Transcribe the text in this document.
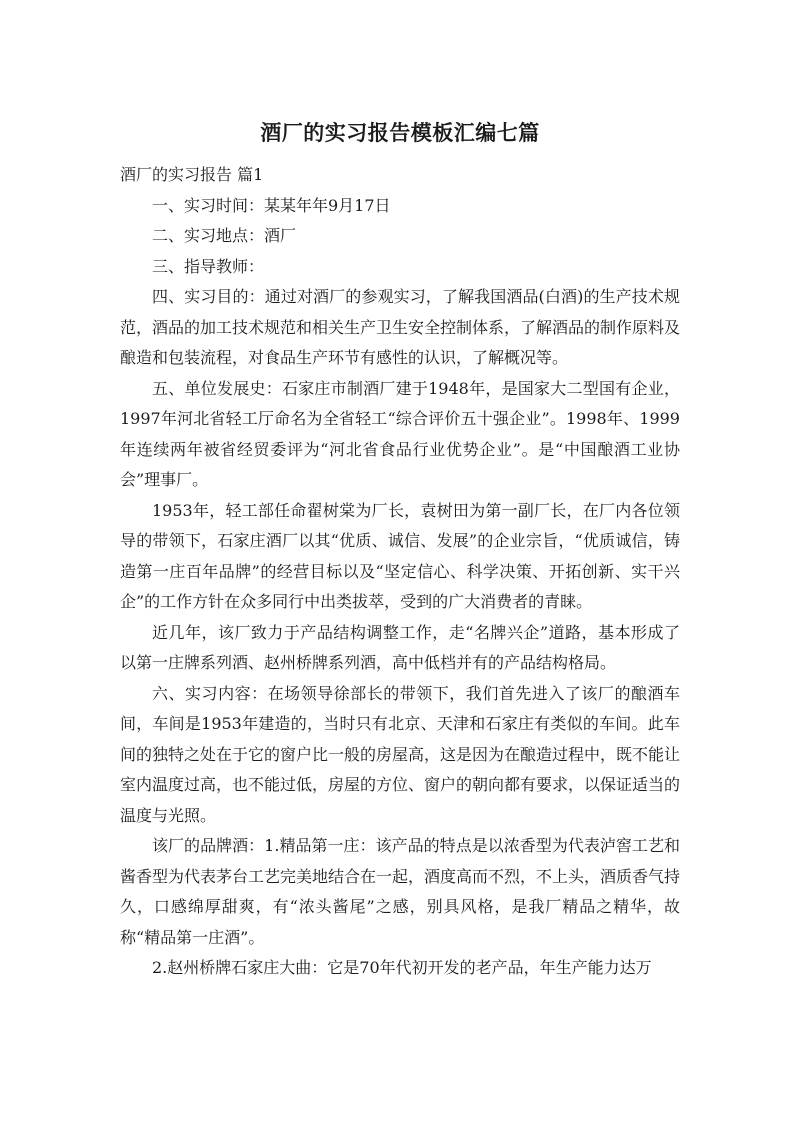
酒厂的实习报告模板汇编七篇

酒厂的实习报告 篇1

一、实习时间：某某年年9月17日

二、实习地点：酒厂

三、指导教师：

四、实习目的：通过对酒厂的参观实习，了解我国酒品(白酒)的生产技术规范，酒品的加工技术规范和相关生产卫生安全控制体系，了解酒品的制作原料及酿造和包装流程，对食品生产环节有感性的认识，了解概况等。

五、单位发展史：石家庄市制酒厂建于1948年，是国家大二型国有企业，1997年河北省轻工厅命名为全省轻工“综合评价五十强企业”。1998年、1999年连续两年被省经贸委评为“河北省食品行业优势企业”。是“中国酿酒工业协会”理事厂。

1953年，轻工部任命翟树棠为厂长，袁树田为第一副厂长，在厂内各位领导的带领下，石家庄酒厂以其“优质、诚信、发展”的企业宗旨，“优质诚信，铸造第一庄百年品牌”的经营目标以及“坚定信心、科学决策、开拓创新、实干兴企”的工作方针在众多同行中出类拔萃，受到的广大消费者的青睐。

近几年，该厂致力于产品结构调整工作，走“名牌兴企”道路，基本形成了以第一庄牌系列酒、赵州桥牌系列酒，高中低档并有的产品结构格局。

六、实习内容：在场领导徐部长的带领下，我们首先进入了该厂的酿酒车间，车间是1953年建造的，当时只有北京、天津和石家庄有类似的车间。此车间的独特之处在于它的窗户比一般的房屋高，这是因为在酿造过程中，既不能让室内温度过高，也不能过低，房屋的方位、窗户的朝向都有要求，以保证适当的温度与光照。

该厂的品牌酒：1.精品第一庄：该产品的特点是以浓香型为代表泸窖工艺和酱香型为代表茅台工艺完美地结合在一起，酒度高而不烈，不上头，酒质香气持久，口感绵厚甜爽，有“浓头酱尾”之感，别具风格，是我厂精品之精华，故称“精品第一庄酒”。

2.赵州桥牌石家庄大曲：它是70年代初开发的老产品，年生产能力达万
